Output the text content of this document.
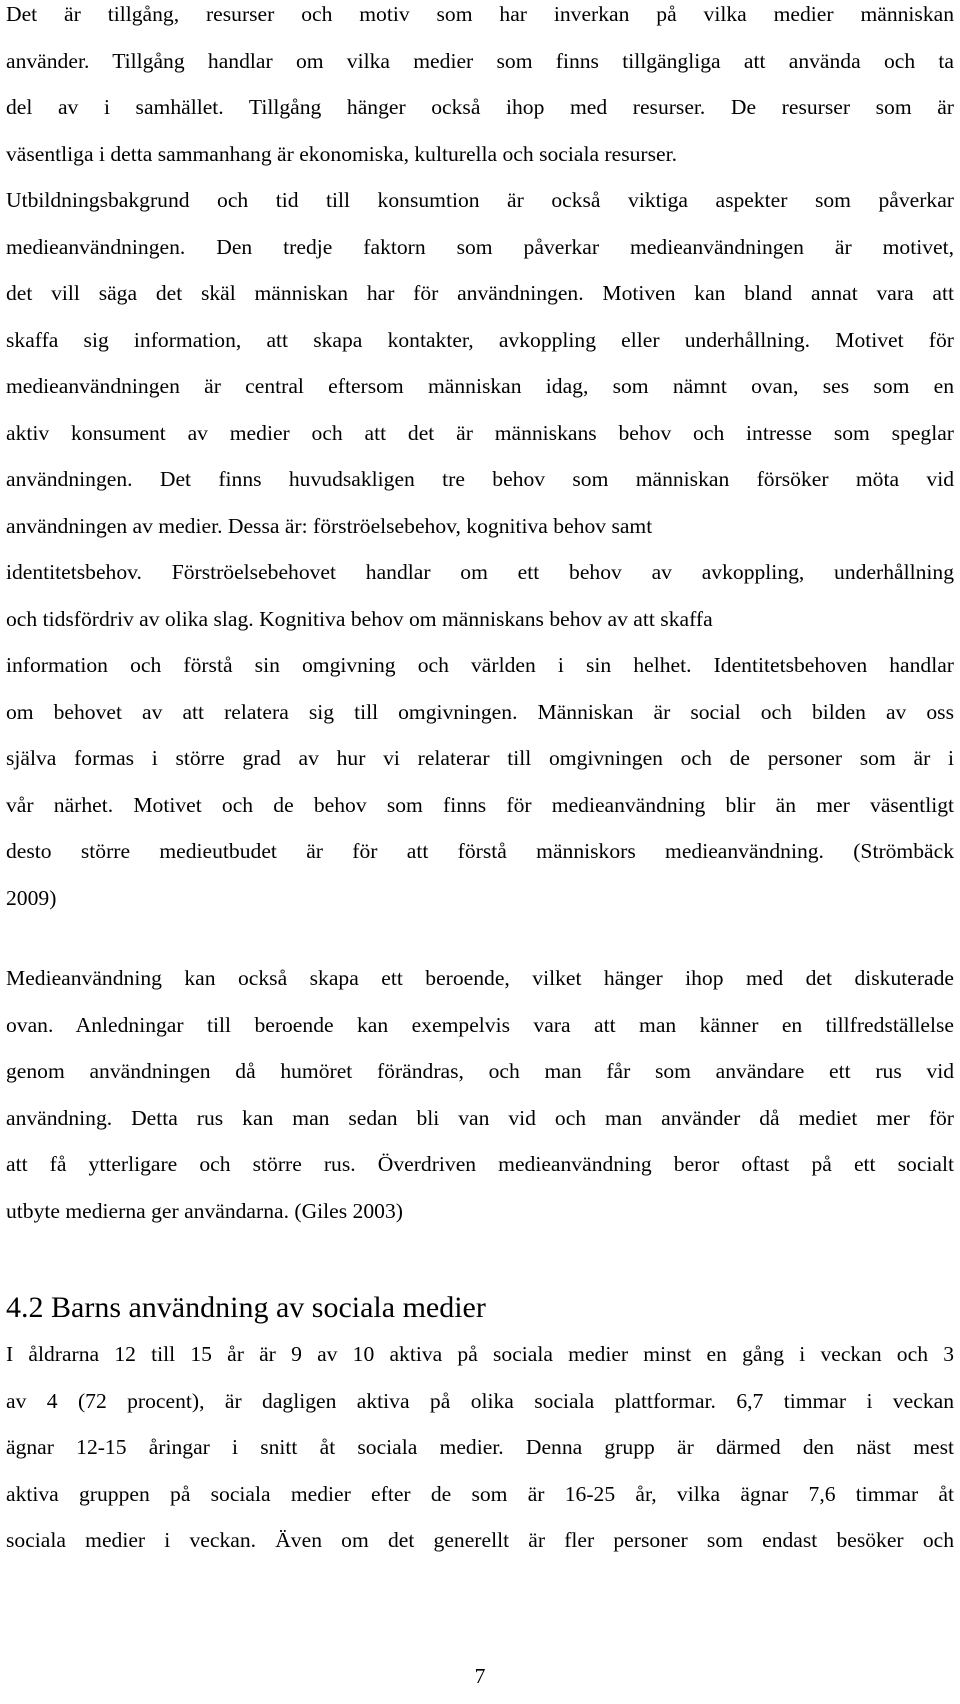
Det är tillgång, resurser och motiv som har inverkan på vilka medier människan
använder. Tillgång handlar om vilka medier som finns tillgängliga att använda och ta
del av i samhället. Tillgång hänger också ihop med resurser. De resurser som är
väsentliga i detta sammanhang är ekonomiska, kulturella och sociala resurser.
Utbildningsbakgrund och tid till konsumtion är också viktiga aspekter som påverkar
medieanvändningen. Den tredje faktorn som påverkar medieanvändningen är motivet,
det vill säga det skäl människan har för användningen. Motiven kan bland annat vara att
skaffa sig information, att skapa kontakter, avkoppling eller underhållning. Motivet för
medieanvändningen är central eftersom människan idag, som nämnt ovan, ses som en
aktiv konsument av medier och att det är människans behov och intresse som speglar
användningen. Det finns huvudsakligen tre behov som människan försöker möta vid
användningen av medier. Dessa är: förströelsebehov, kognitiva behov samt
identitetsbehov. Förströelsebehovet handlar om ett behov av avkoppling, underhållning
och tidsfördriv av olika slag. Kognitiva behov om människans behov av att skaffa
information och förstå sin omgivning och världen i sin helhet. Identitetsbehoven handlar
om behovet av att relatera sig till omgivningen. Människan är social och bilden av oss
själva formas i större grad av hur vi relaterar till omgivningen och de personer som är i
vår närhet. Motivet och de behov som finns för medieanvändning blir än mer väsentligt
desto större medieutbudet är för att förstå människors medieanvändning. (Strömbäck
2009)
Medieanvändning kan också skapa ett beroende, vilket hänger ihop med det diskuterade
ovan. Anledningar till beroende kan exempelvis vara att man känner en tillfredställelse
genom användningen då humöret förändras, och man får som användare ett rus vid
användning. Detta rus kan man sedan bli van vid och man använder då mediet mer för
att få ytterligare och större rus. Överdriven medieanvändning beror oftast på ett socialt
utbyte medierna ger användarna. (Giles 2003)
4.2 Barns användning av sociala medier
I åldrarna 12 till 15 år är 9 av 10 aktiva på sociala medier minst en gång i veckan och 3
av 4 (72 procent), är dagligen aktiva på olika sociala plattformar. 6,7 timmar i veckan
ägnar 12-15 åringar i snitt åt sociala medier. Denna grupp är därmed den näst mest
aktiva gruppen på sociala medier efter de som är 16-25 år, vilka ägnar 7,6 timmar åt
sociala medier i veckan. Även om det generellt är fler personer som endast besöker och
7
